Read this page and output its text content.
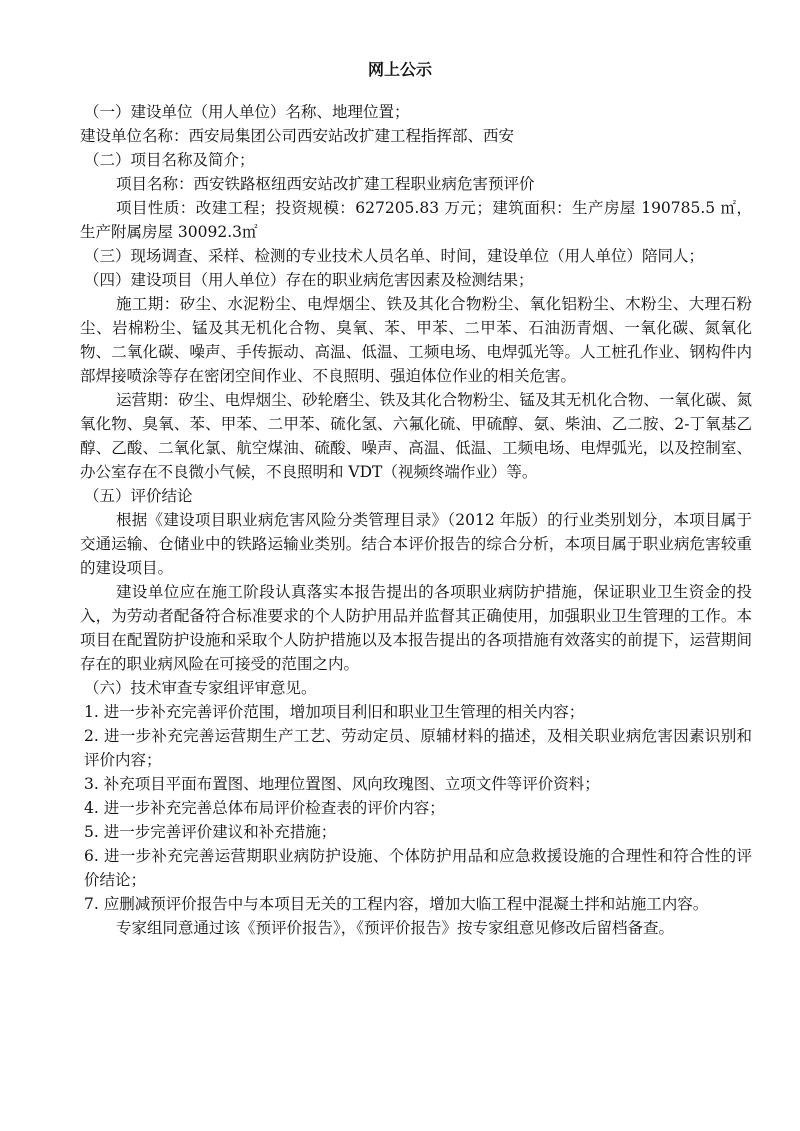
网上公示
（一）建设单位（用人单位）名称、地理位置；
建设单位名称：西安局集团公司西安站改扩建工程指挥部、西安
（二）项目名称及简介；
项目名称：西安铁路枢纽西安站改扩建工程职业病危害预评价

项目性质：改建工程；投资规模：627205.83 万元；建筑面积：生产房屋 190785.5 ㎡，生产附属房屋 30092.3㎡

（三）现场调查、采样、检测的专业技术人员名单、时间，建设单位（用人单位）陪同人；
（四）建设项目（用人单位）存在的职业病危害因素及检测结果；

施工期：矽尘、水泥粉尘、电焊烟尘、铁及其化合物粉尘、氧化铝粉尘、木粉尘、大理石粉尘、岩棉粉尘、锰及其无机化合物、臭氧、苯、甲苯、二甲苯、石油沥青烟、一氧化碳、氮氧化物、二氧化碳、噪声、手传振动、高温、低温、工频电场、电焊弧光等。人工桩孔作业、钢构件内部焊接喷涂等存在密闭空间作业、不良照明、强迫体位作业的相关危害。

运营期：矽尘、电焊烟尘、砂轮磨尘、铁及其化合物粉尘、锰及其无机化合物、一氧化碳、氮氧化物、臭氧、苯、甲苯、二甲苯、硫化氢、六氟化硫、甲硫醇、氨、柴油、乙二胺、2-丁氧基乙醇、乙酸、二氧化氯、航空煤油、硫酸、噪声、高温、低温、工频电场、电焊弧光，以及控制室、办公室存在不良微小气候，不良照明和 VDT（视频终端作业）等。

（五）评价结论

根据《建设项目职业病危害风险分类管理目录》（2012 年版）的行业类别划分，本项目属于交通运输、仓储业中的铁路运输业类别。结合本评价报告的综合分析，本项目属于职业病危害较重的建设项目。

建设单位应在施工阶段认真落实本报告提出的各项职业病防护措施，保证职业卫生资金的投入，为劳动者配备符合标准要求的个人防护用品并监督其正确使用，加强职业卫生管理的工作。本项目在配置防护设施和采取个人防护措施以及本报告提出的各项措施有效落实的前提下，运营期间存在的职业病风险在可接受的范围之内。

（六）技术审查专家组评审意见。

1. 进一步补充完善评价范围，增加项目利旧和职业卫生管理的相关内容；

2. 进一步补充完善运营期生产工艺、劳动定员、原辅材料的描述，及相关职业病危害因素识别和评价内容；

3. 补充项目平面布置图、地理位置图、风向玫瑰图、立项文件等评价资料；

4. 进一步补充完善总体布局评价检查表的评价内容；

5. 进一步完善评价建议和补充措施；

6. 进一步补充完善运营期职业病防护设施、个体防护用品和应急救援设施的合理性和符合性的评价结论；

7. 应删减预评价报告中与本项目无关的工程内容，增加大临工程中混凝土拌和站施工内容。

专家组同意通过该《预评价报告》，《预评价报告》按专家组意见修改后留档备查。
